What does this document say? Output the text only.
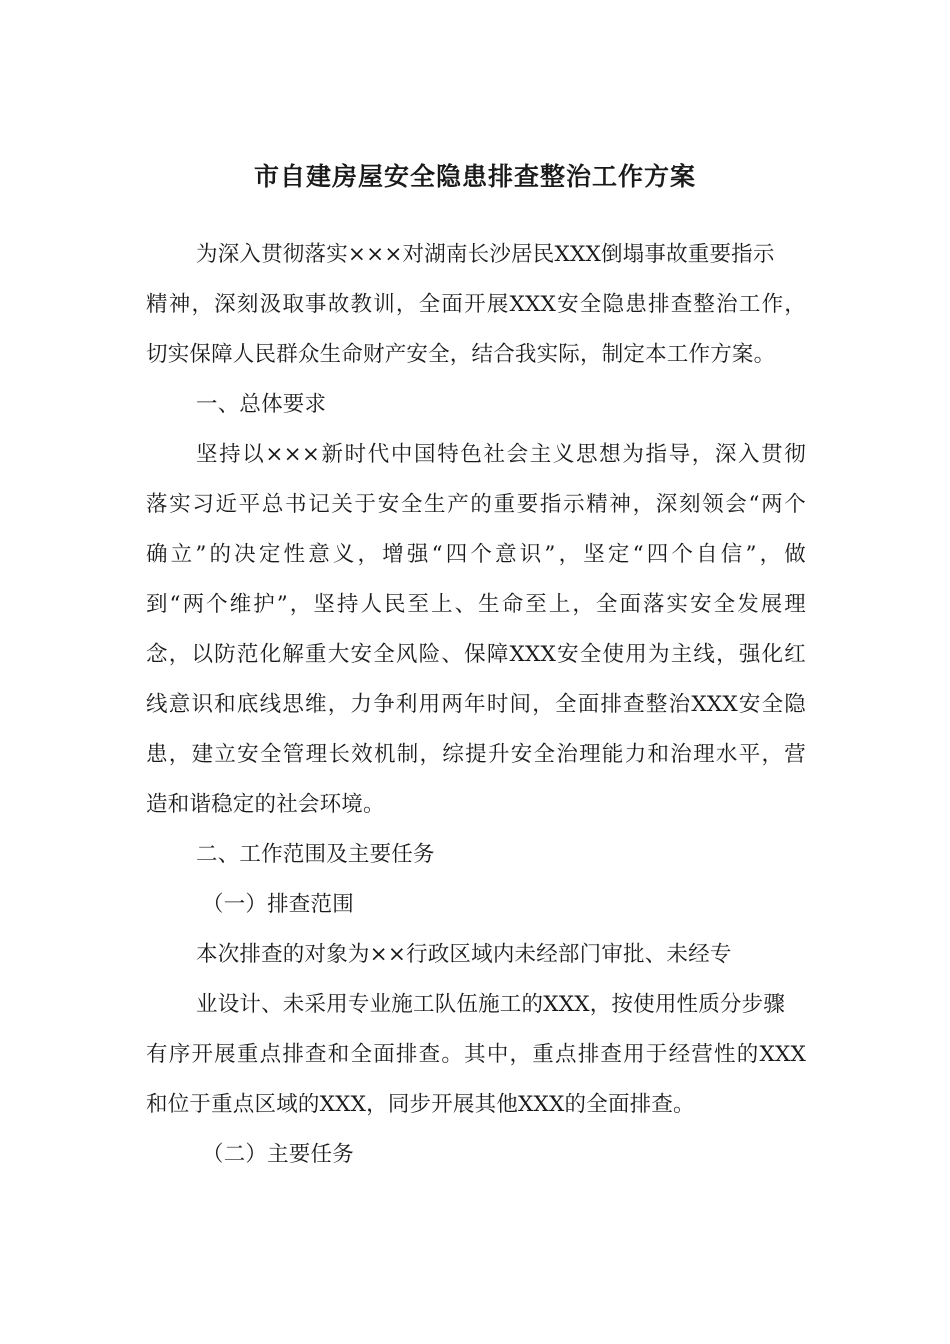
市自建房屋安全隐患排查整治工作方案
为深入贯彻落实×××对湖南长沙居民XXX倒塌事故重要指示
精神，深刻汲取事故教训，全面开展XXX安全隐患排查整治工作，
切实保障人民群众生命财产安全，结合我实际，制定本工作方案。
一、总体要求
坚持以×××新时代中国特色社会主义思想为指导，深入贯彻
落实习近平总书记关于安全生产的重要指示精神，深刻领会“两个
确立”的决定性意义，增强“四个意识”，坚定“四个自信”，做
到“两个维护”，坚持人民至上、生命至上，全面落实安全发展理
念，以防范化解重大安全风险、保障XXX安全使用为主线，强化红
线意识和底线思维，力争利用两年时间，全面排查整治XXX安全隐
患，建立安全管理长效机制，综提升安全治理能力和治理水平，营
造和谐稳定的社会环境。
二、工作范围及主要任务
（一）排查范围
本次排查的对象为××行政区域内未经部门审批、未经专
业设计、未采用专业施工队伍施工的XXX，按使用性质分步骤
有序开展重点排查和全面排查。其中，重点排查用于经营性的XXX
和位于重点区域的XXX，同步开展其他XXX的全面排查。
（二）主要任务
